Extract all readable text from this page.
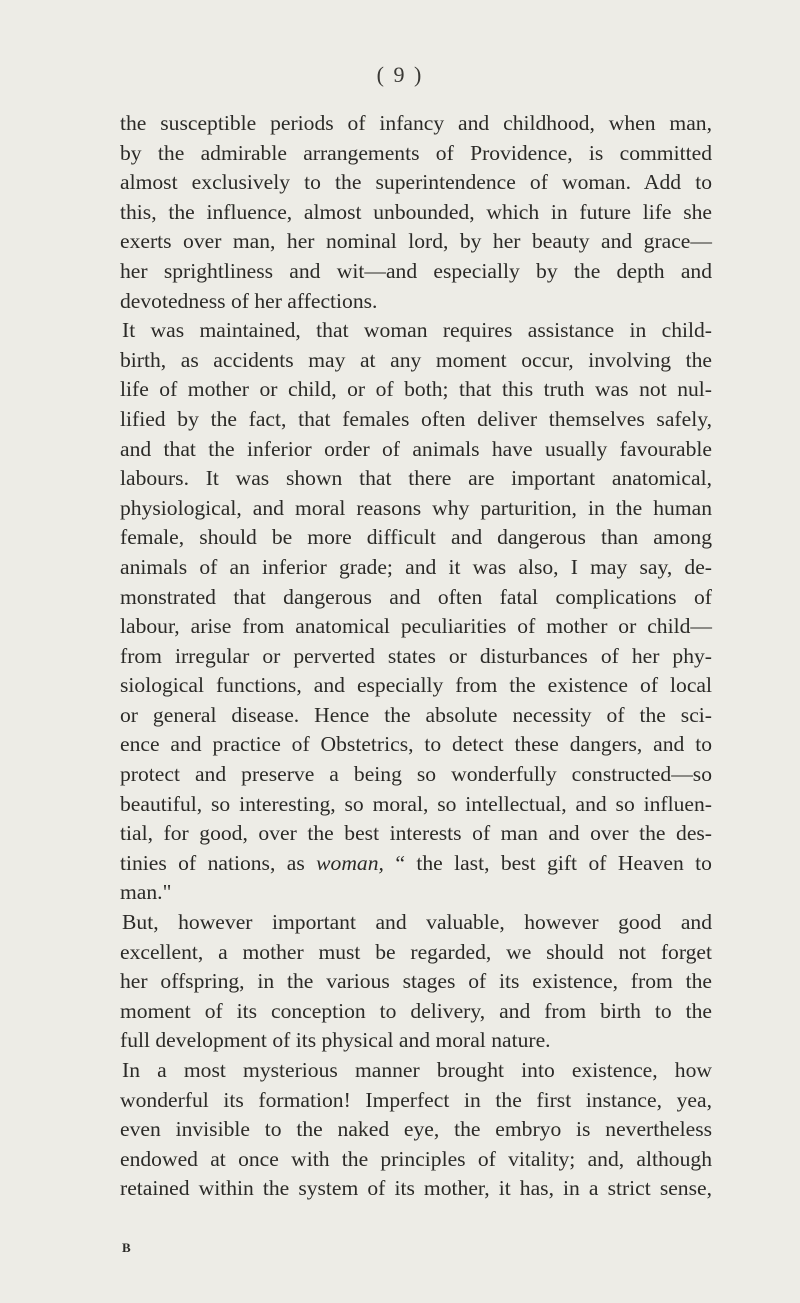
( 9 )
the susceptible periods of infancy and childhood, when man,
by the admirable arrangements of Providence, is committed
almost exclusively to the superintendence of woman. Add to
this, the influence, almost unbounded, which in future life she
exerts over man, her nominal lord, by her beauty and grace—
her sprightliness and wit—and especially by the depth and
devotedness of her affections.
It was maintained, that woman requires assistance in child-
birth, as accidents may at any moment occur, involving the
life of mother or child, or of both; that this truth was not nul-
lified by the fact, that females often deliver themselves safely,
and that the inferior order of animals have usually favourable
labours. It was shown that there are important anatomical,
physiological, and moral reasons why parturition, in the human
female, should be more difficult and dangerous than among
animals of an inferior grade; and it was also, I may say, de-
monstrated that dangerous and often fatal complications of
labour, arise from anatomical peculiarities of mother or child—
from irregular or perverted states or disturbances of her phy-
siological functions, and especially from the existence of local
or general disease. Hence the absolute necessity of the sci-
ence and practice of Obstetrics, to detect these dangers, and to
protect and preserve a being so wonderfully constructed—so
beautiful, so interesting, so moral, so intellectual, and so influen-
tial, for good, over the best interests of man and over the des-
tinies of nations, as woman, “ the last, best gift of Heaven to
man."
But, however important and valuable, however good and
excellent, a mother must be regarded, we should not forget
her offspring, in the various stages of its existence, from the
moment of its conception to delivery, and from birth to the
full development of its physical and moral nature.
In a most mysterious manner brought into existence, how
wonderful its formation! Imperfect in the first instance, yea,
even invisible to the naked eye, the embryo is nevertheless
endowed at once with the principles of vitality; and, although
retained within the system of its mother, it has, in a strict sense,
B
